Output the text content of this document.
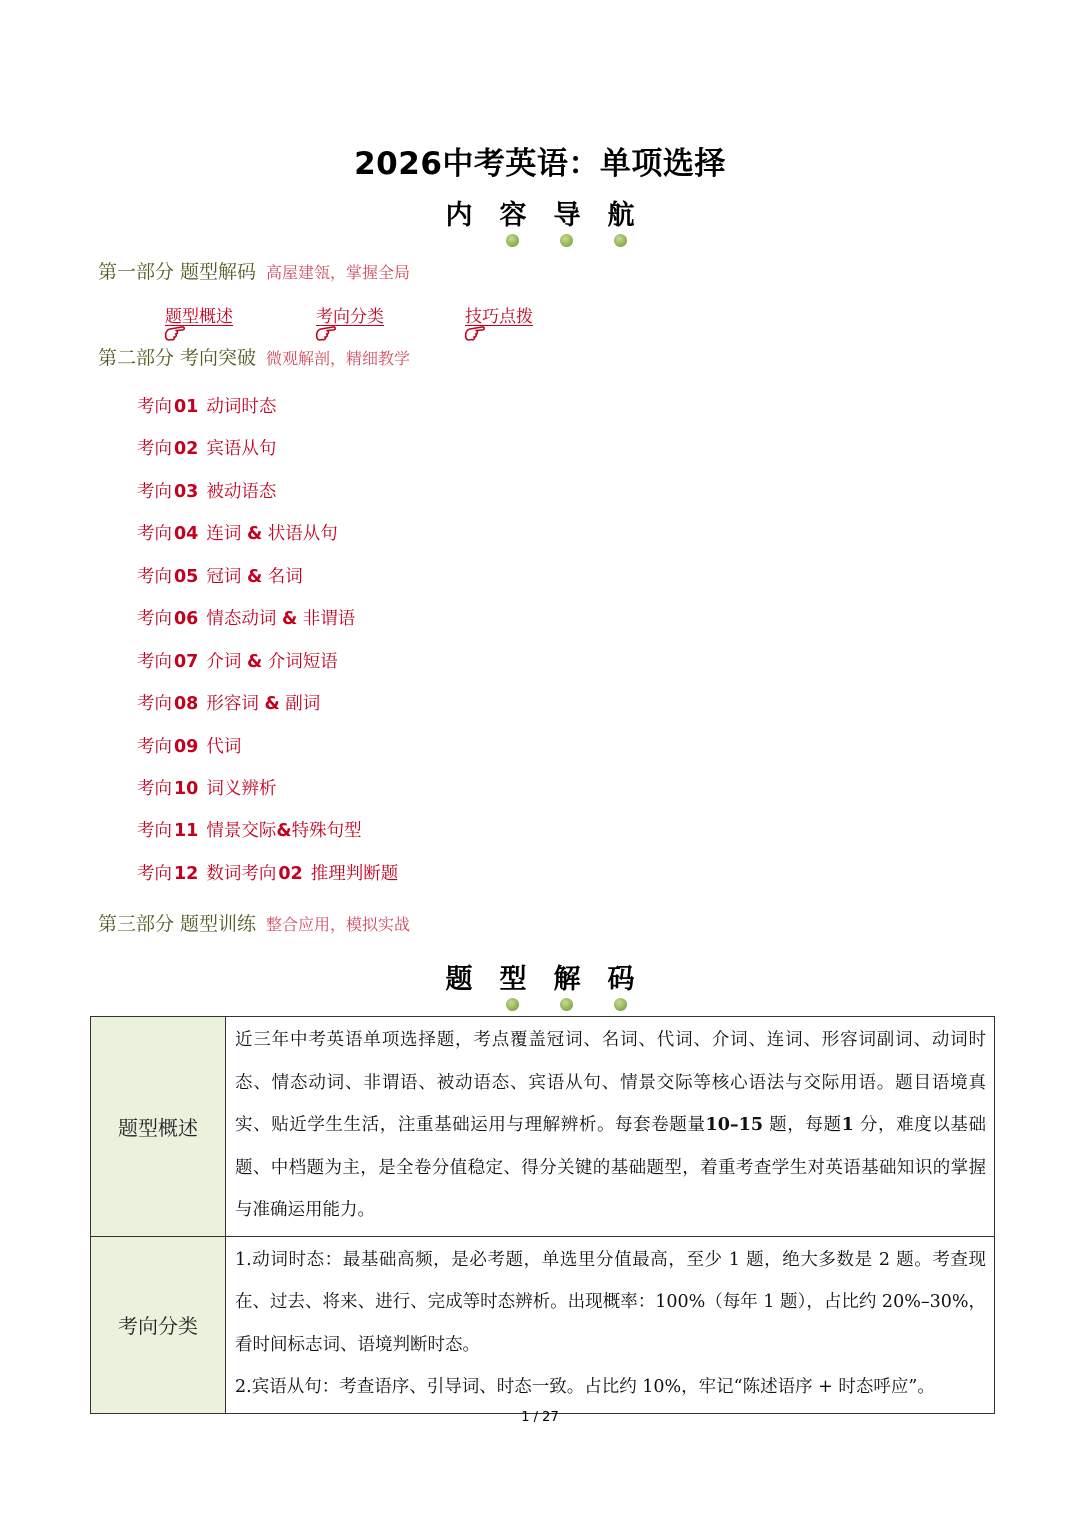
2026中考英语：单项选择
内	容	导	航
第一部分 题型解码 高屋建瓴，掌握全局
题型概述	考向分类	技巧点拨
第二部分 考向突破 微观解剖，精细教学
考向 01 动词时态
考向 02 宾语从句
考向 03 被动语态
考向 04 连词 & 状语从句
考向 05 冠词 & 名词
考向 06 情态动词 & 非谓语
考向 07 介词 & 介词短语
考向 08 形容词 & 副词
考向 09 代词
考向 10 词义辨析
考向 11 情景交际&特殊句型
考向 12 数词考向 02 推理判断题
第三部分 题型训练 整合应用，模拟实战
题	型	解	码
题型概述	近三年中考英语单项选择题，考点覆盖冠词、名词、代词、介词、连词、形容词副词、动词时态、情态动词、非谓语、被动语态、宾语从句、情景交际等核心语法与交际用语。题目语境真实、贴近学生生活，注重基础运用与理解辨析。每套卷题量10–15 题，每题1 分，难度以基础题、中档题为主，是全卷分值稳定、得分关键的基础题型，着重考查学生对英语基础知识的掌握与准确运用能力。
考向分类	1.动词时态：最基础高频，是必考题，单选里分值最高，至少 1 题，绝大多数是 2 题。考查现在、过去、将来、进行、完成等时态辨析。出现概率：100%（每年 1 题），占比约 20%–30%，看时间标志词、语境判断时态。

2.宾语从句：考查语序、引导词、时态一致。占比约 10%，牢记“陈述语序 + 时态呼应”。

1 / 27
